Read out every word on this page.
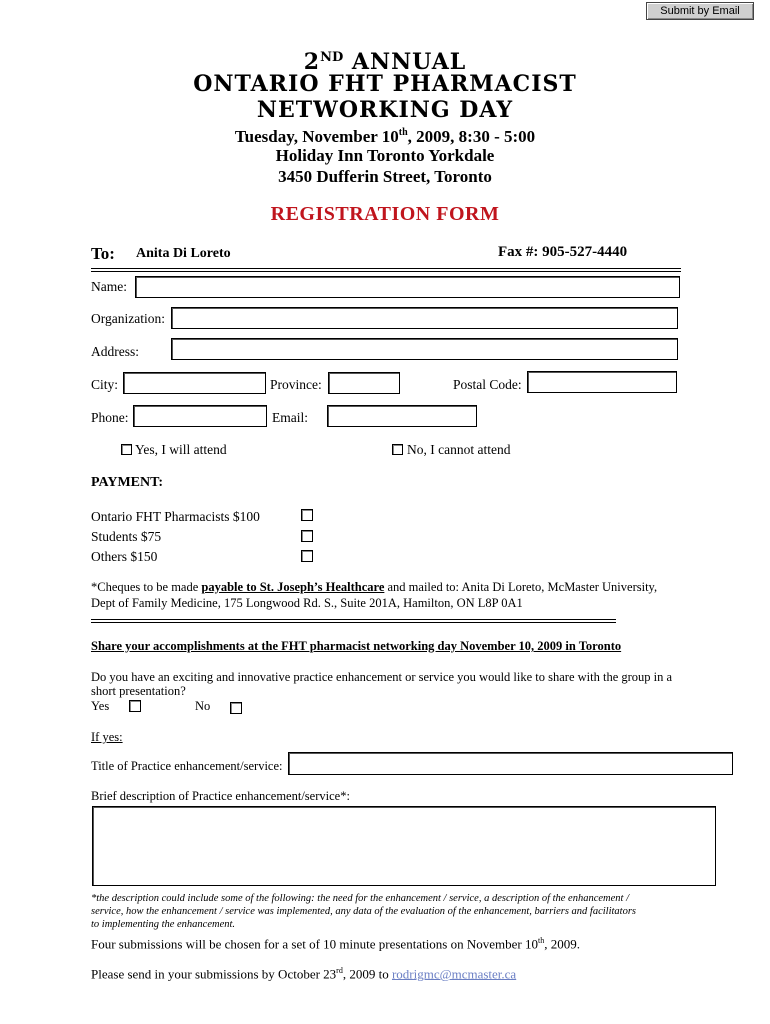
Submit by Email
2ND ANNUAL
ONTARIO FHT PHARMACIST
NETWORKING DAY
Tuesday, November 10th, 2009, 8:30 - 5:00
Holiday Inn Toronto Yorkdale
3450 Dufferin Street, Toronto
REGISTRATION FORM
To: Anita Di Loreto	Fax #: 905-527-4440
Name:
Organization:
Address:
City:	Province:	Postal Code:
Phone:	Email:
Yes, I will attend	No, I cannot attend
PAYMENT:
Ontario FHT Pharmacists $100
Students $75
Others $150
*Cheques to be made payable to St. Joseph’s Healthcare and mailed to: Anita Di Loreto, McMaster University,
Dept of Family Medicine, 175 Longwood Rd. S., Suite 201A, Hamilton, ON L8P 0A1
Share your accomplishments at the FHT pharmacist networking day November 10, 2009 in Toronto
Do you have an exciting and innovative practice enhancement or service you would like to share with the group in a
short presentation?
Yes	No
If yes:
Title of Practice enhancement/service:
Brief description of Practice enhancement/service*:
*the description could include some of the following: the need for the enhancement / service, a description of the enhancement /
service, how the enhancement / service was implemented, any data of the evaluation of the enhancement, barriers and facilitators
to implementing the enhancement.
Four submissions will be chosen for a set of 10 minute presentations on November 10th, 2009.
Please send in your submissions by October 23rd, 2009 to rodrigmc@mcmaster.ca
